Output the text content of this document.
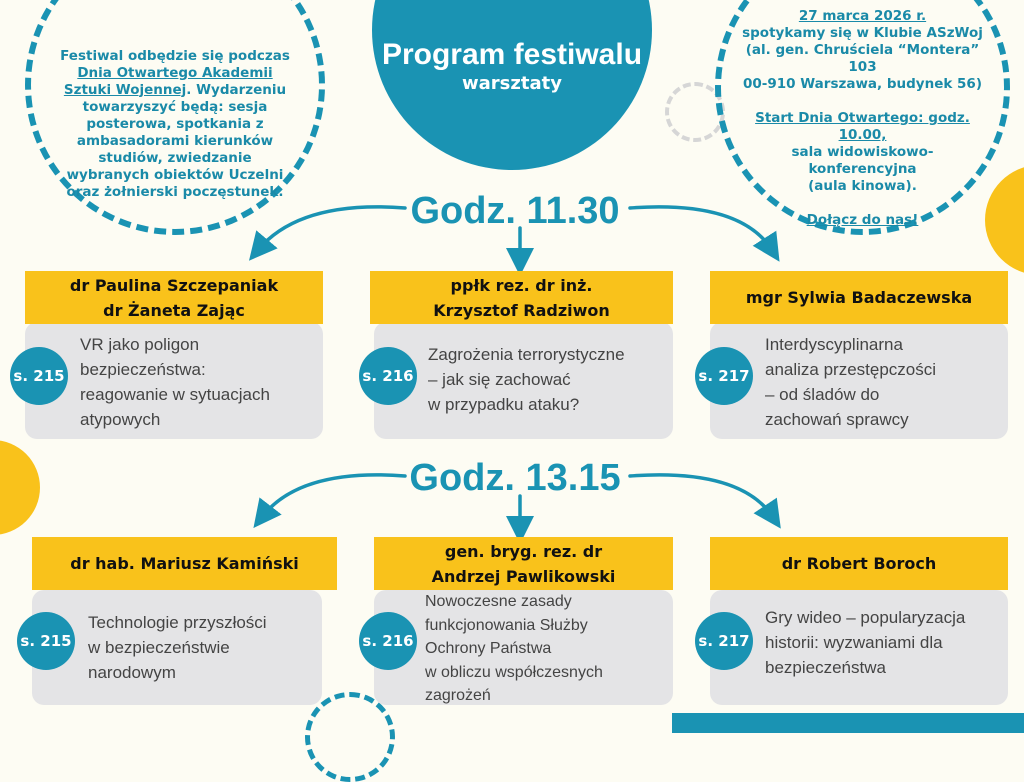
Festiwal odbędzie się podczas Dnia Otwartego Akademii Sztuki Wojennej. Wydarzeniu towarzyszyć będą: sesja posterowa, spotkania z ambasadorami kierunków studiów, zwiedzanie wybranych obiektów Uczelni oraz żołnierski poczęstunek.
27 marca 2026 r.
spotykamy się w Klubie ASzWoj
(al. gen. Chruściela “Montera” 103
00-910 Warszawa, budynek 56)
Start Dnia Otwartego: godz. 10.00,
sala widowiskowo-konferencyjna
(aula kinowa).
Dołącz do nas!
Program festiwalu
warsztaty
Godz. 11.30
Godz. 13.15
dr Paulina Szczepaniak
dr Żaneta Zając
s. 215
VR jako poligon
bezpieczeństwa:
reagowanie w sytuacjach
atypowych
ppłk rez. dr inż.
Krzysztof Radziwon
s. 216
Zagrożenia terrorystyczne
– jak się zachować
w przypadku ataku?
mgr Sylwia Badaczewska
s. 217
Interdyscyplinarna
analiza przestępczości
– od śladów do
zachowań sprawcy
dr hab. Mariusz Kamiński
s. 215
Technologie przyszłości
w bezpieczeństwie
narodowym
gen. bryg. rez. dr
Andrzej Pawlikowski
s. 216
Nowoczesne zasady
funkcjonowania Służby
Ochrony Państwa
w obliczu współczesnych
zagrożeń
dr Robert Boroch
s. 217
Gry wideo – popularyzacja
historii: wyzwaniami dla
bezpieczeństwa
